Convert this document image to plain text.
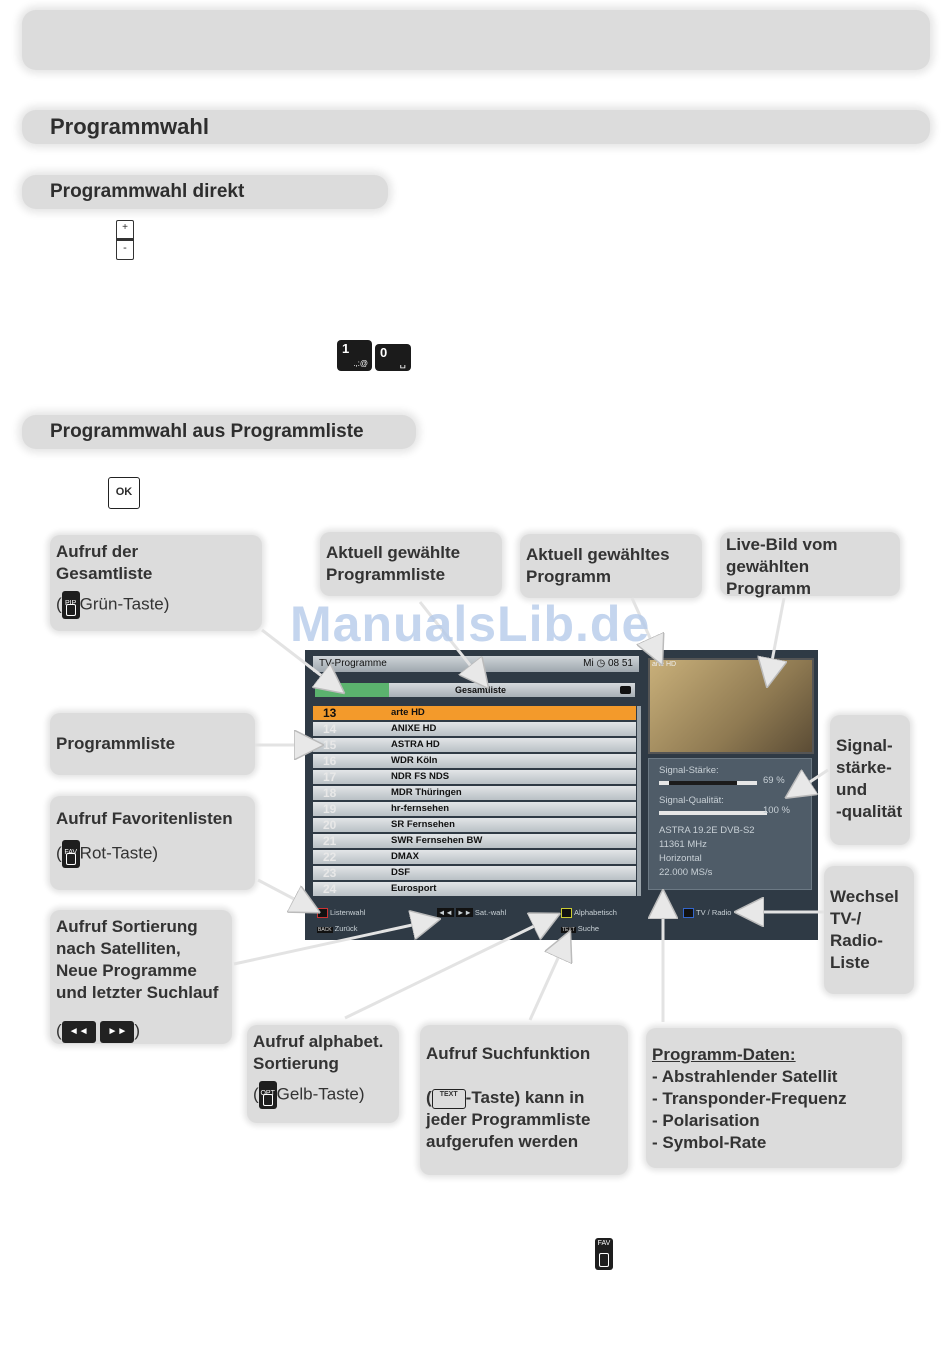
Programmwahl
Programmwahl direkt
+
-
1
.,:@
0
␣
Programmwahl aus Programmliste
OK
Aufruf der
Gesamtliste
( PIP Grün-Taste)
Aktuell gewählte
Programmliste
Aktuell gewähltes
Programm
Live-Bild vom
gewählten
Programm
Programmliste
Aufruf Favoritenlisten
( FAV Rot-Taste)
Aufruf Sortierung
nach Satelliten,
Neue Programme
und letzter Suchlauf
( ◄◄ ►► )
Signal-
stärke-
und
-qualität
Wechsel
TV-/
Radio-
Liste
Aufruf alphabet.
Sortierung
( OPT Gelb-Taste)
Aufruf Suchfunktion
( TEXT -Taste) kann in
jeder Programmliste
aufgerufen werden
Programm-Daten:
- Abstrahlender Satellit
- Transponder-Frequenz
- Polarisation
- Symbol-Rate
FAV
TV-Programme	Mi ◷ 08 51
Gesamtliste
13	arte HD
14	ANIXE HD
15	ASTRA HD
16	WDR Köln
17	NDR FS NDS
18	MDR Thüringen
19	hr-fernsehen
20	SR Fernsehen
21	SWR Fernsehen BW
22	DMAX
23	DSF
24	Eurosport
arte HD
Signal-Stärke:
69 %
Signal-Qualität:
100 %
ASTRA 19.2E DVB-S2
11361 MHz
Horizontal
22.000 MS/s
Listenwahl
BACK Zurück
◄◄ ►► Sat.-wahl	Alphabetisch
TEXT Suche
TV / Radio
ManualsLib.de
